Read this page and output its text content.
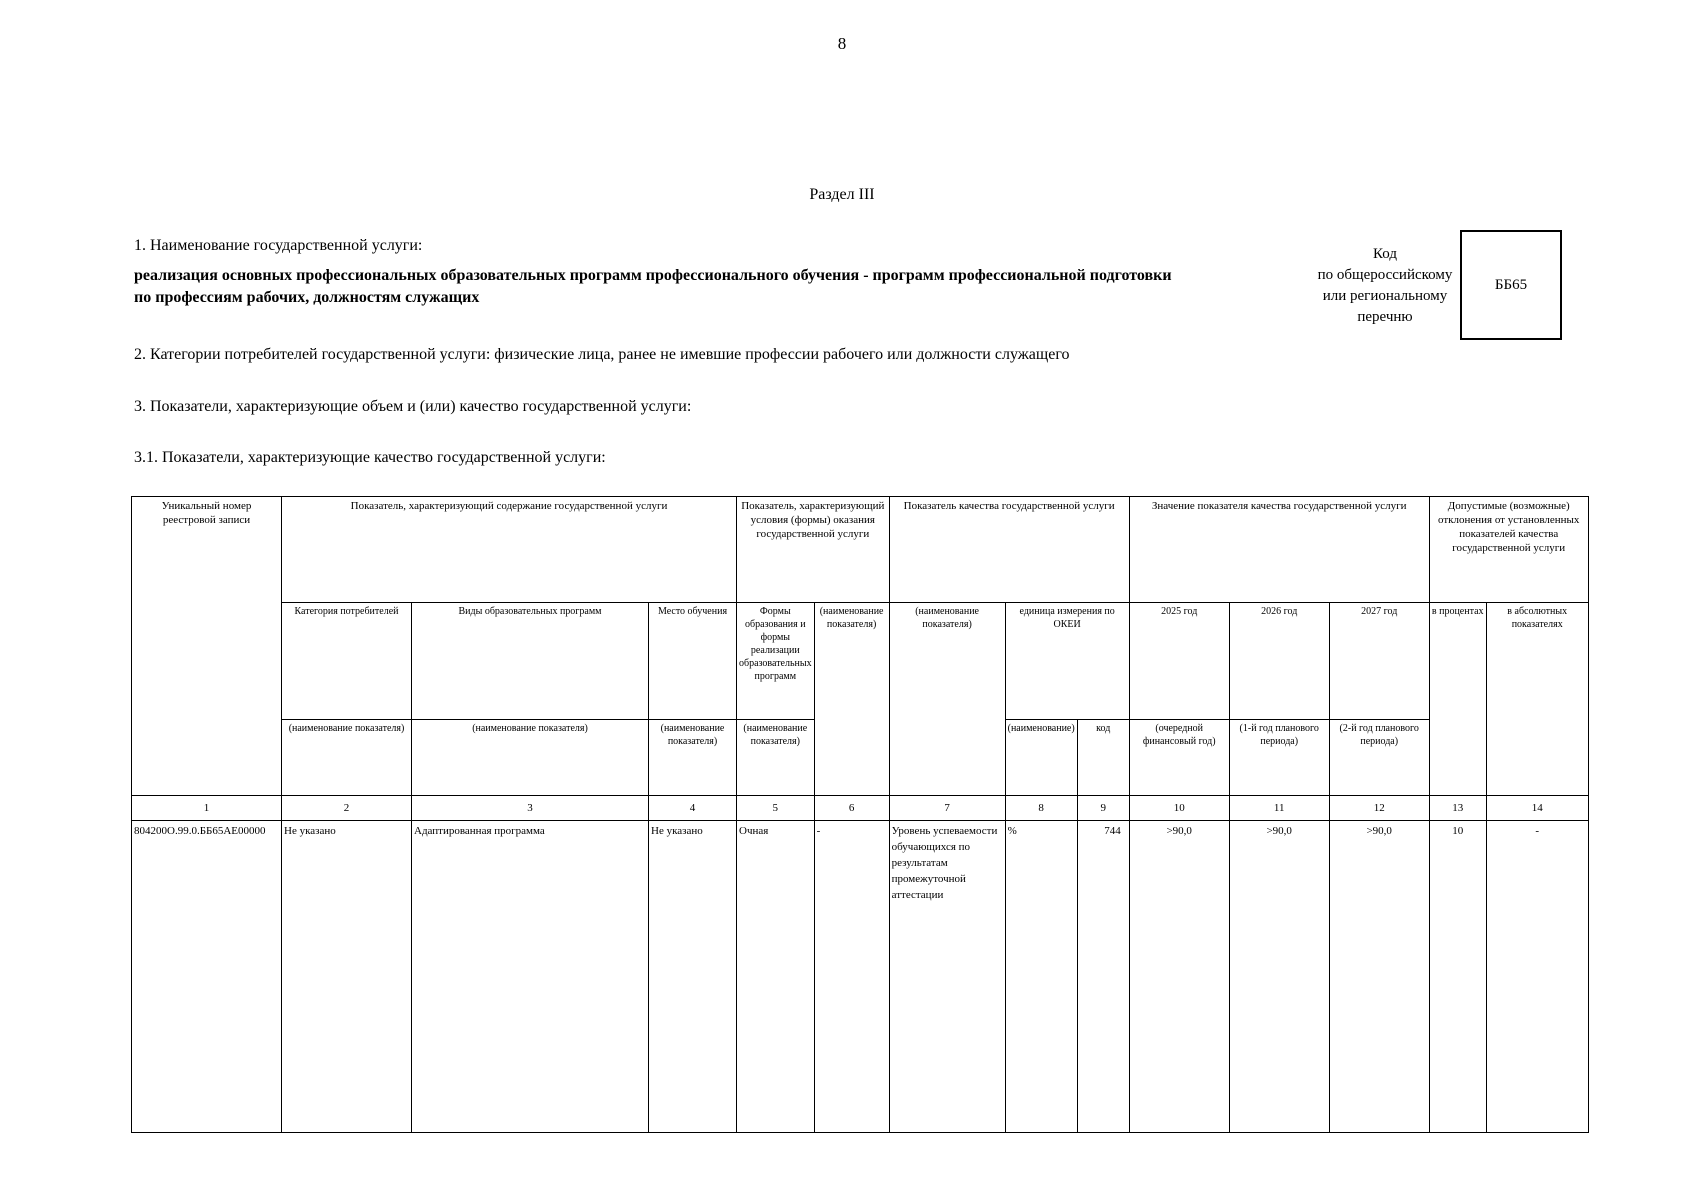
8
Раздел III
1. Наименование государственной услуги:
реализация основных профессиональных образовательных программ профессионального обучения - программ профессиональной подготовки
по профессиям рабочих, должностям служащих
Код
по общероссийскому
или региональному
перечню
ББ65
2. Категории потребителей государственной услуги: физические лица, ранее не имевшие профессии рабочего или должности служащего
3. Показатели, характеризующие объем и (или) качество государственной услуги:
3.1. Показатели, характеризующие качество государственной услуги:
Уникальный номер реестровой записи	Показатель, характеризующий содержание государственной услуги			Показатель, характеризующий условия (формы) оказания государственной услуги		Показатель качества государственной услуги			Значение показателя качества государственной услуги			Допустимые (возможные) отклонения от установленных показателей качества государственной услуги	
	Категория потребителей	Виды образовательных программ	Место обучения	Формы образования и формы реализации образовательных программ	(наименование показателя)	(наименование показателя)	единица измерения по ОКЕИ		2025 год	2026 год	2027 год	в процентах	в абсолютных показателях
	(наименование показателя)	(наименование показателя)	(наименование показателя)	(наименование показателя)			(наименование)	код	(очередной финансовый год)	(1-й год планового периода)	(2-й год планового периода)		
1	2	3	4	5	6	7	8	9	10	11	12	13	14
804200О.99.0.ББ65АЕ00000	Не указано	Адаптированная программа	Не указано	Очная	-	Уровень успеваемости обучающихся по результатам промежуточной аттестации	%	744	>90,0	>90,0	>90,0	10	-
